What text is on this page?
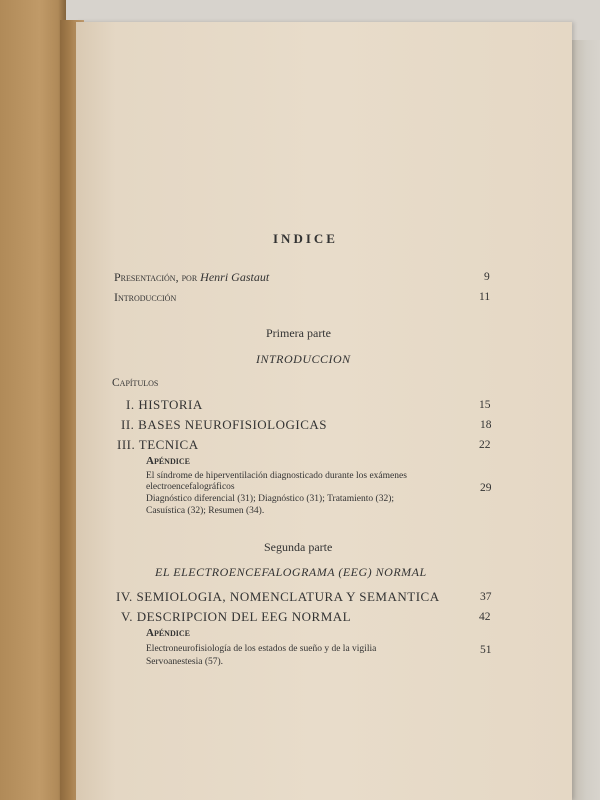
INDICE
Presentación, por Henri Gastaut	9
Introducción	11
Primera parte
INTRODUCCION
Capítulos
I. HISTORIA	15
II. BASES NEUROFISIOLOGICAS	18
III. TECNICA	22
Apéndice
El síndrome de hiperventilación diagnosticado durante los exámenes
electroencefalográficos	29
Diagnóstico diferencial (31); Diagnóstico (31); Tratamiento (32);
Casuística (32); Resumen (34).
Segunda parte
EL ELECTROENCEFALOGRAMA (EEG) NORMAL
IV. SEMIOLOGIA, NOMENCLATURA Y SEMANTICA	37
V. DESCRIPCION DEL EEG NORMAL	42
Apéndice
Electroneurofisiología de los estados de sueño y de la vigilia	51
Servoanestesia (57).
